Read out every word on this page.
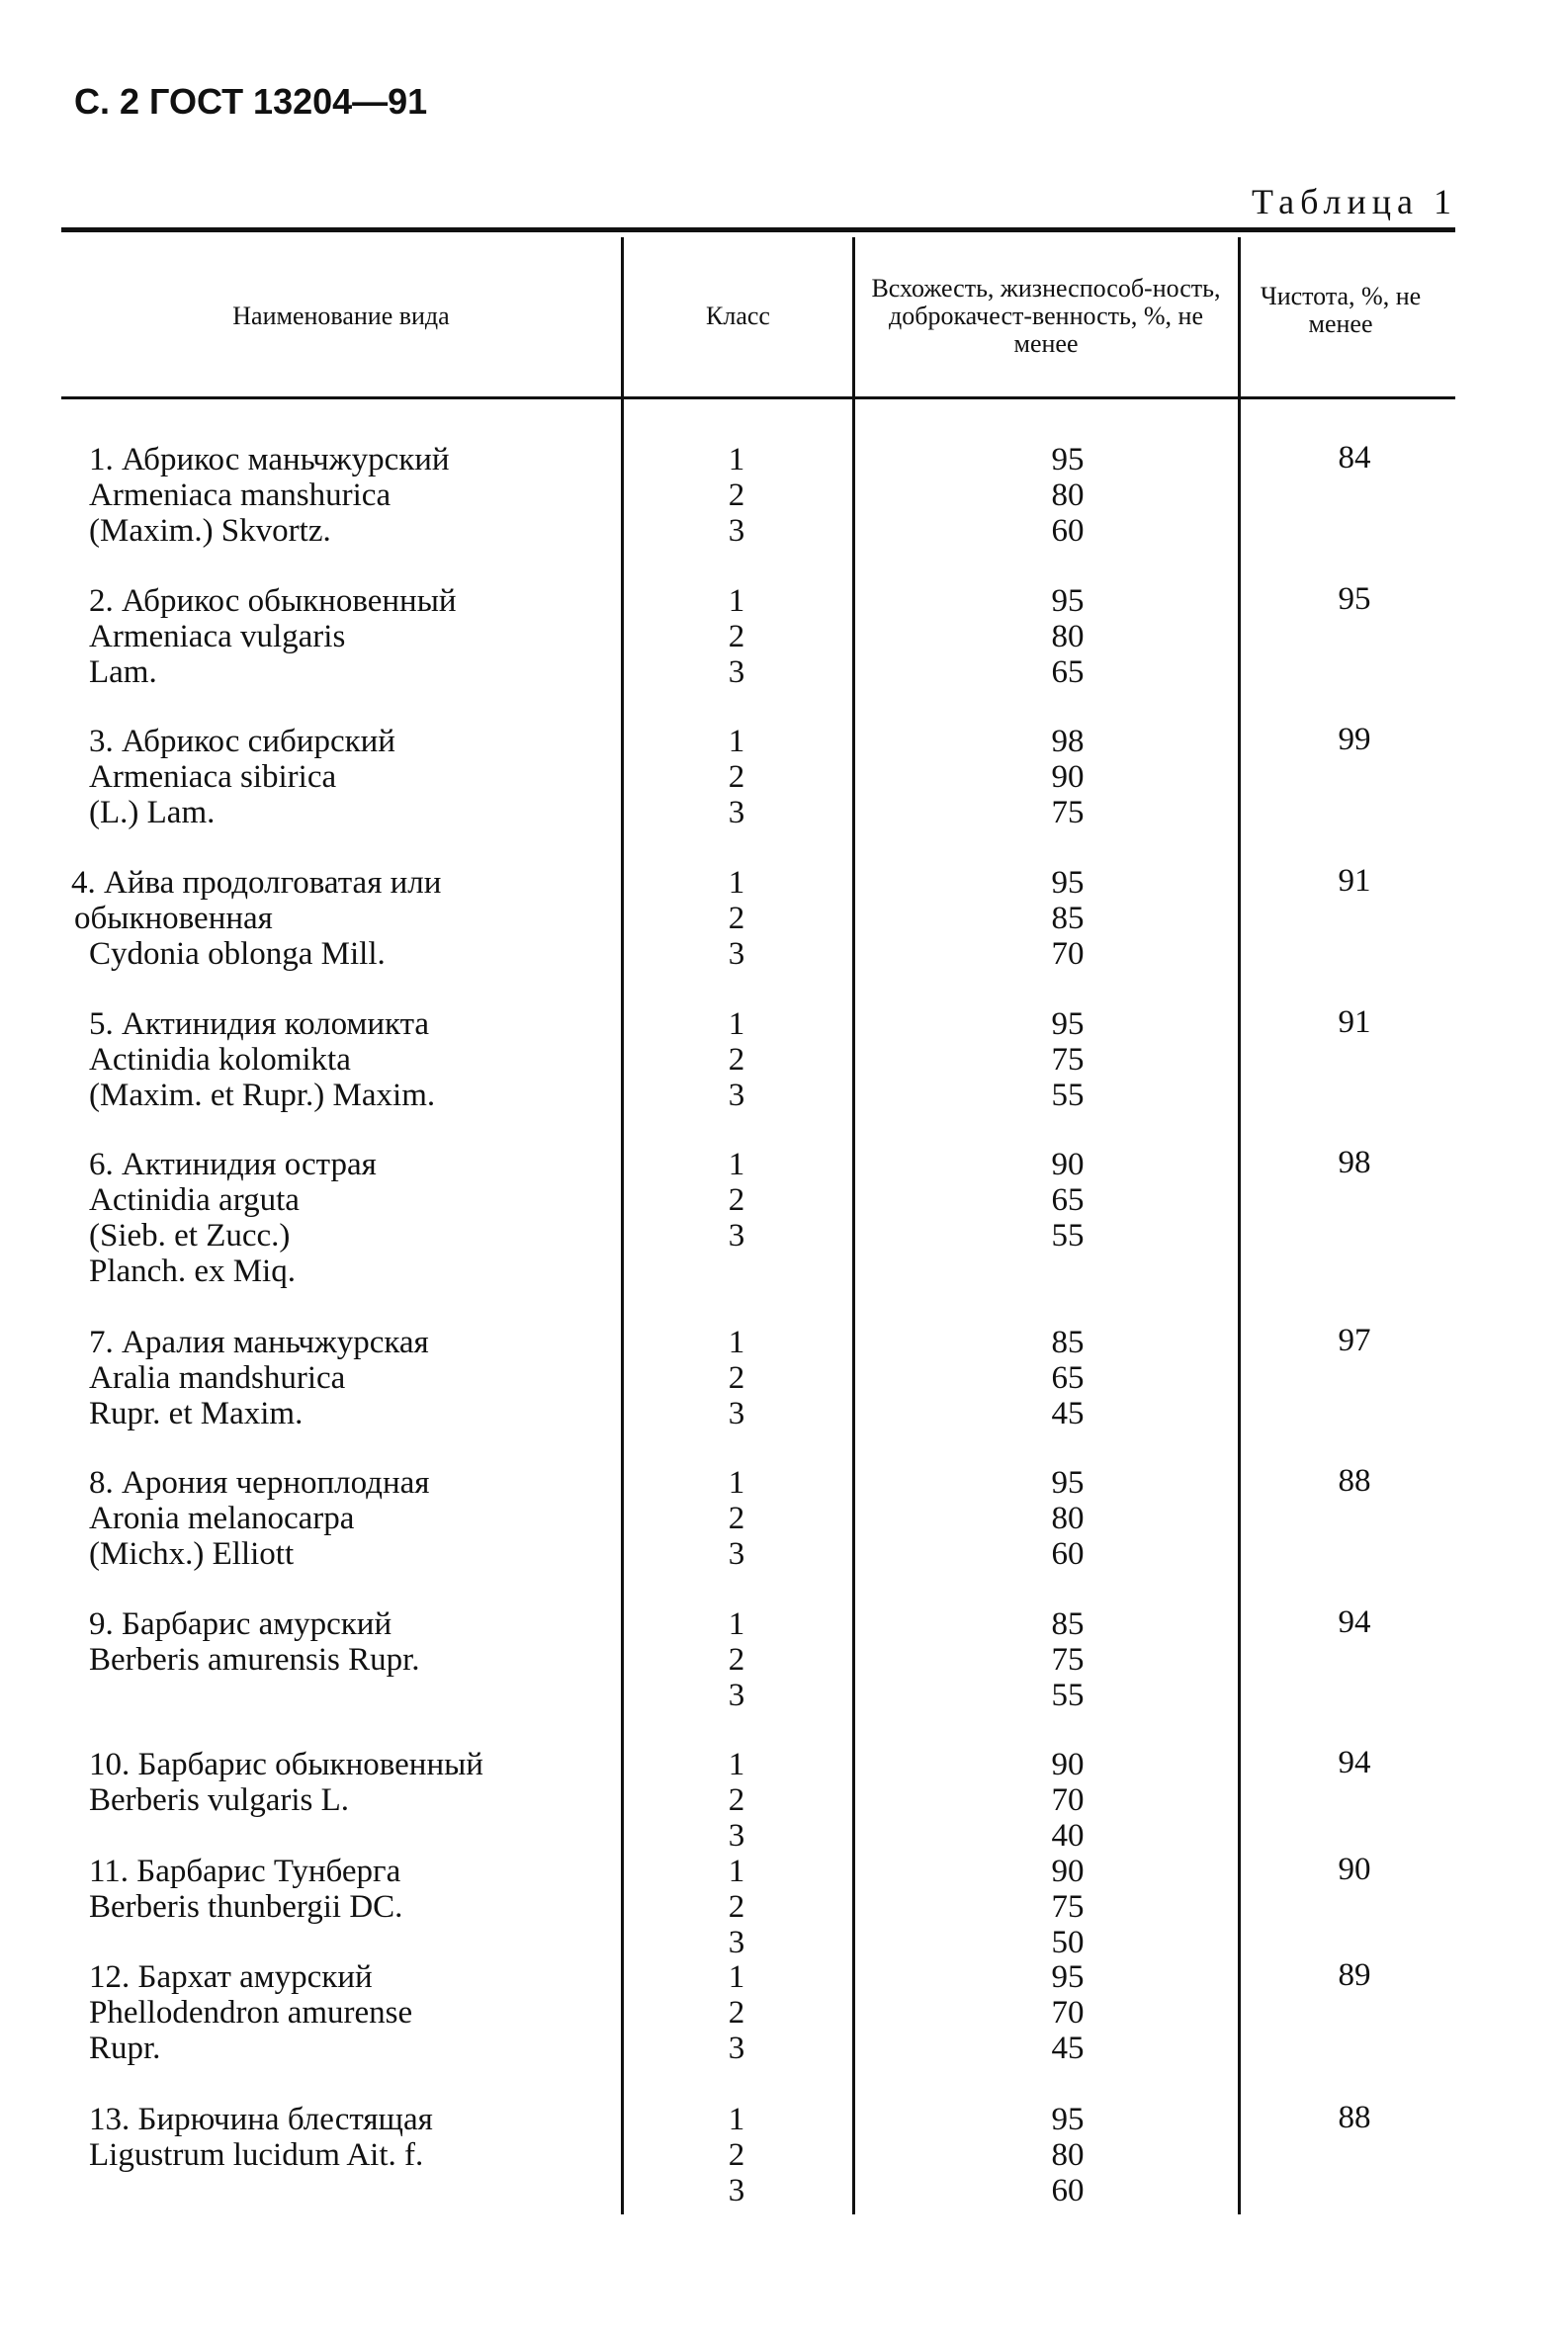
С. 2 ГОСТ 13204—91
Таблица 1
Наименование вида	Класс
Всхожесть, жизнеспособ-ность, доброкачест-венность, %, не менее
Чистота, %, не менее
1. Абрикос маньчжурский
Armeniaca manshurica
(Maxim.) Skvortz.
1
2
3
95
80
60
84
2. Абрикос обыкновенный
Armeniaca vulgaris
Lam.
1
2
3
95
80
65
95
3. Абрикос сибирский
Armeniaca sibirica
(L.) Lam.
1
2
3
98
90
75
99
4. Айва продолговатая или
обыкновенная
Cydonia oblonga Mill.
1
2
3
95
85
70
91
5. Актинидия коломикта
Actinidia kolomikta
(Maxim. et Rupr.) Maxim.
1
2
3
95
75
55
91
6. Актинидия острая
Actinidia arguta
(Sieb. et Zucc.)
Planch. ex Miq.
1
2
3
90
65
55
98
7. Аралия маньчжурская
Aralia mandshurica
Rupr. et Maxim.
1
2
3
85
65
45
97
8. Арония черноплодная
Aronia melanocarpa
(Michx.) Elliott
1
2
3
95
80
60
88
9. Барбарис амурский
Berberis amurensis Rupr.
1
2
3
85
75
55
94
10. Барбарис обыкновенный
Berberis vulgaris L.
1
2
3
90
70
40
94
11. Барбарис Тунберга
Berberis thunbergii DC.
1
2
3
90
75
50
90
12. Бархат амурский
Phellodendron amurense
Rupr.
1
2
3
95
70
45
89
13. Бирючина блестящая
Ligustrum lucidum Ait. f.
1
2
3
95
80
60
88
